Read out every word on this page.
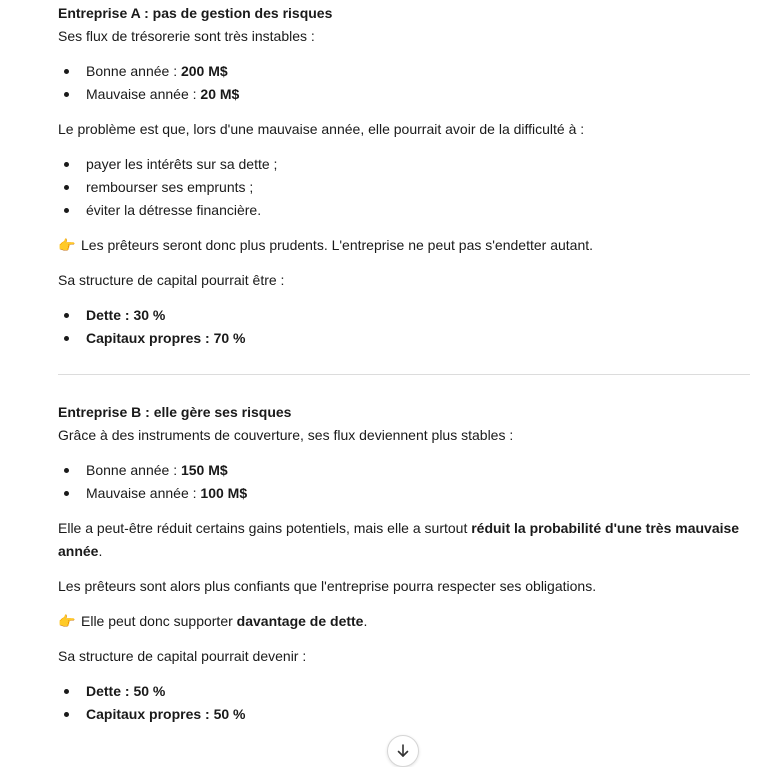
Entreprise A : pas de gestion des risques

Ses flux de trésorerie sont très instables :

Bonne année : 200 M$
Mauvaise année : 20 M$

Le problème est que, lors d'une mauvaise année, elle pourrait avoir de la difficulté à :

payer les intérêts sur sa dette ;
rembourser ses emprunts ;
éviter la détresse financière.

👉 Les prêteurs seront donc plus prudents. L'entreprise ne peut pas s'endetter autant.

Sa structure de capital pourrait être :

Dette : 30 %
Capitaux propres : 70 %

Entreprise B : elle gère ses risques

Grâce à des instruments de couverture, ses flux deviennent plus stables :

Bonne année : 150 M$
Mauvaise année : 100 M$

Elle a peut-être réduit certains gains potentiels, mais elle a surtout réduit la probabilité d'une très mauvaise année.

Les prêteurs sont alors plus confiants que l'entreprise pourra respecter ses obligations.

👉 Elle peut donc supporter davantage de dette.

Sa structure de capital pourrait devenir :

Dette : 50 %
Capitaux propres : 50 %
